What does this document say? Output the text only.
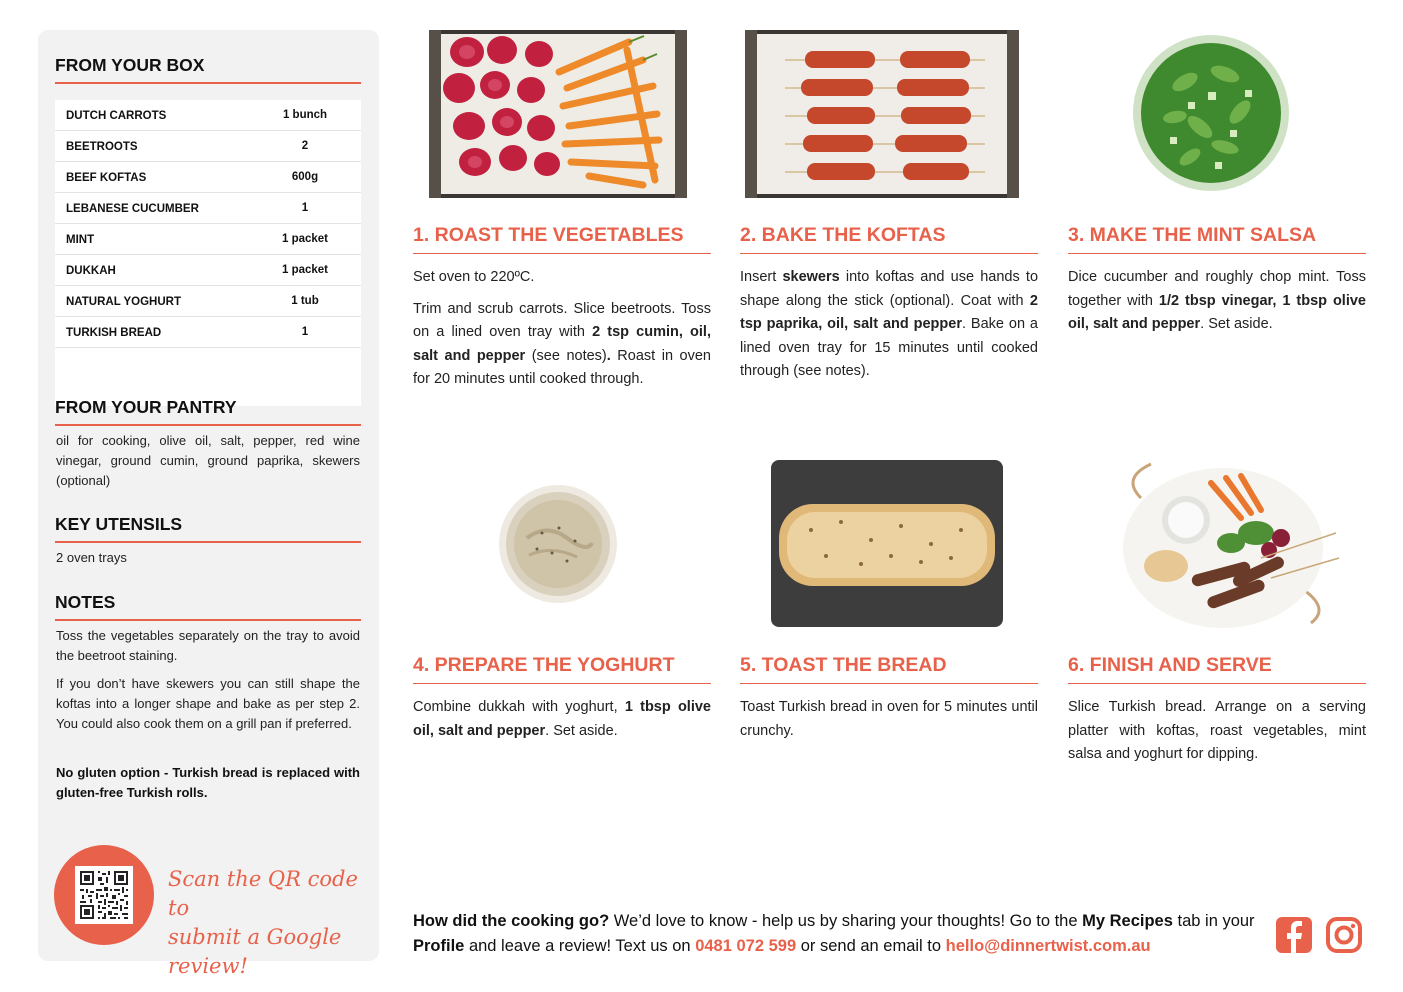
FROM YOUR BOX
DUTCH CARROTS	1 bunch
BEETROOTS	2
BEEF KOFTAS	600g
LEBANESE CUCUMBER	1
MINT	1 packet
DUKKAH	1 packet
NATURAL YOGHURT	1 tub
TURKISH BREAD	1
FROM YOUR PANTRY
oil for cooking, olive oil, salt, pepper, red wine vinegar, ground cumin, ground paprika, skewers (optional)
KEY UTENSILS
2 oven trays
NOTES
Toss the vegetables separately on the tray to avoid the beetroot staining.
If you don’t have skewers you can still shape the koftas into a longer shape and bake as per step 2. You could also cook them on a grill pan if preferred.
No gluten option - Turkish bread is replaced with gluten-free Turkish rolls.
Scan the QR code to
submit a Google review!
1. ROAST THE VEGETABLES

Set oven to 220ºC.

Trim and scrub carrots. Slice beetroots. Toss on a lined oven tray with 2 tsp cumin, oil, salt and pepper (see notes). Roast in oven for 20 minutes until cooked through.

2. BAKE THE KOFTAS

Insert skewers into koftas and use hands to shape along the stick (optional). Coat with 2 tsp paprika, oil, salt and pepper. Bake on a lined oven tray for 15 minutes until cooked through (see notes).

3. MAKE THE MINT SALSA

Dice cucumber and roughly chop mint. Toss together with 1/2 tbsp vinegar, 1 tbsp olive oil, salt and pepper. Set aside.

4. PREPARE THE YOGHURT

Combine dukkah with yoghurt, 1 tbsp olive oil, salt and pepper. Set aside.

5. TOAST THE BREAD

Toast Turkish bread in oven for 5 minutes until crunchy.

6. FINISH AND SERVE

Slice Turkish bread. Arrange on a serving platter with koftas, roast vegetables, mint salsa and yoghurt for dipping.

How did the cooking go? We’d love to know - help us by sharing your thoughts! Go to the My Recipes tab in your Profile and leave a review! Text us on 0481 072 599 or send an email to hello@dinnertwist.com.au
